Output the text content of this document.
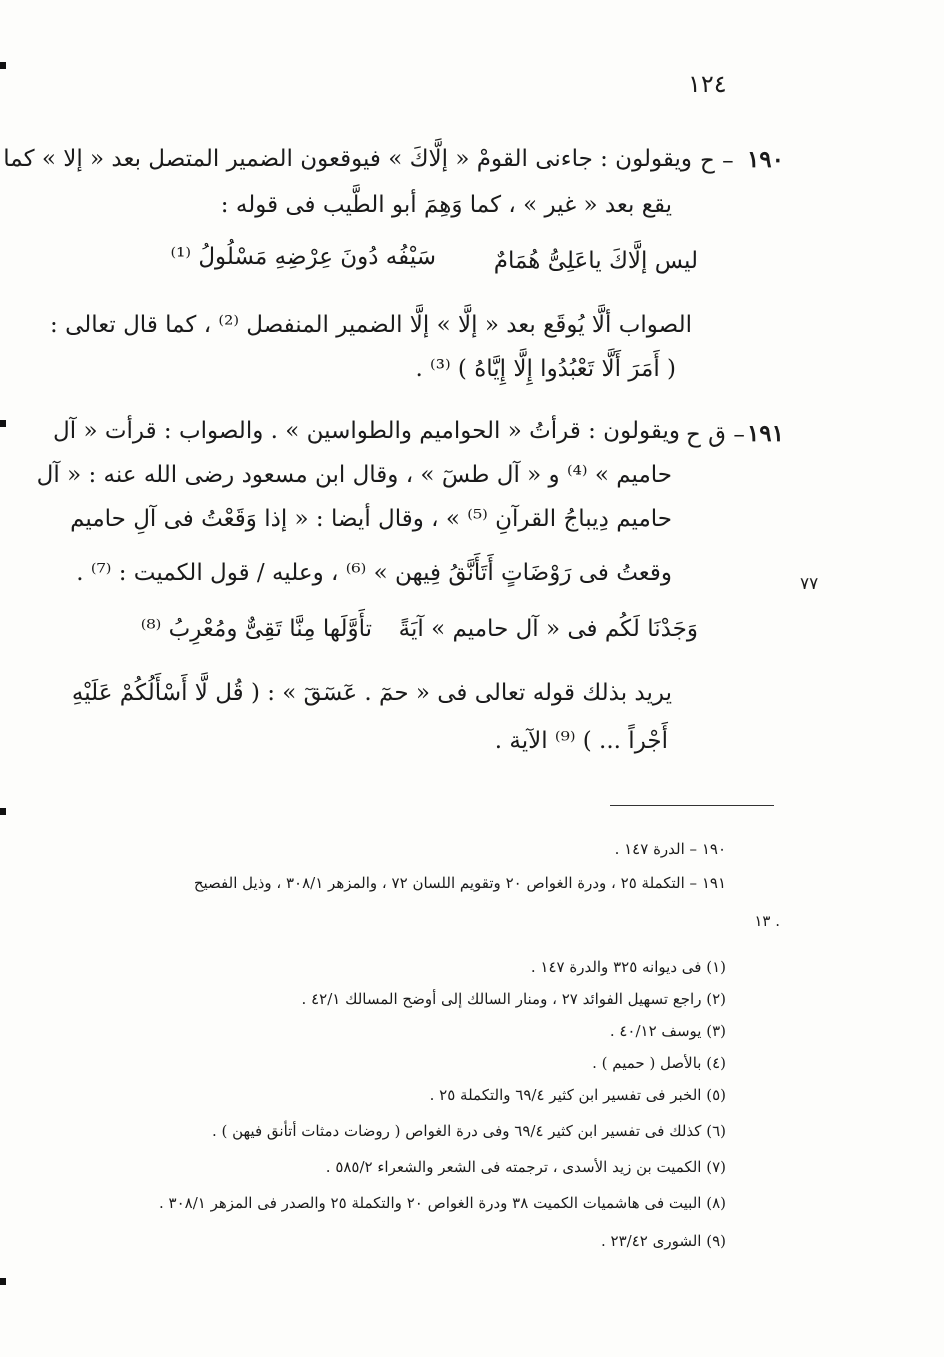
١٢٤
١٩٠
– ح
ويقولون : جاءنى القومْ « إلَّاكَ » فيوقعون الضمير المتصل بعد « إلا » كما
يقع بعد « غير » ، كما وَهِمَ أبو الطَّيب فى قوله :
ليس إلَّاكَ ياعَلِىُّ هُمَامٌ
سَيْفُه دُونَ عِرْضِهِ مَسْلُولُ ⁽¹⁾
الصواب ألَّا يُوقَع بعد « إلَّا » إلَّا الضمير المنفصل ⁽²⁾ ، كما قال تعالى :
( أَمَرَ أَلَّا تَعْبُدُوا إِلَّا إِيَّاهُ ) ⁽³⁾ .
١٩١
– ق ح
ويقولون : قرأتُ « الحواميم والطواسين » . والصواب : قرأت « آل
حاميم » ⁽⁴⁾ و « آل طسٓ » ، وقال ابن مسعود رضى الله عنه : « آل
حاميم دِيباجُ القرآنِ ⁽⁵⁾ » ، وقال أيضا : « إذا وَقَعْتُ فى آلِ حاميم
وقعتُ فى رَوْضَاتٍ أَتَأَنَّقُ فِيهن » ⁽⁶⁾ ، وعليه / قول الكميت : ⁽⁷⁾ .	٧٧
وَجَدْنَا لَكُم فى « آل حاميم » آيَةً
تأَوَّلَها مِنَّا تَقِىٌّ ومُعْرِبُ ⁽⁸⁾
يريد بذلك قوله تعالى فى « حمٓ . عٓسٓقٓ » : ( قُل لَّا أَسْأَلُكُمْ عَلَيْهِ
أَجْراً ... ) ⁽⁹⁾ الآية .
١٩٠ – الدرة ١٤٧ .
١٩١ – التكملة ٢٥ ، ودرة الغواص ٢٠ وتقويم اللسان ٧٢ ، والمزهر ٣٠٨/١ ، وذيل الفصيح
١٣ .
(١) فى ديوانه ٣٢٥ والدرة ١٤٧ .
(٢) راجع تسهيل الفوائد ٢٧ ، ومنار السالك إلى أوضح المسالك ٤٢/١ .
(٣) يوسف ٤٠/١٢ .
(٤) بالأصل ( حميم ) .
(٥) الخبر فى تفسير ابن كثير ٦٩/٤ والتكملة ٢٥ .
(٦) كذلك فى تفسير ابن كثير ٦٩/٤ وفى درة الغواص ( روضات دمثات أتأنق فيهن ) .
(٧) الكميت بن زيد الأسدى ، ترجمته فى الشعر والشعراء ٥٨٥/٢ .
(٨) البيت فى هاشميات الكميت ٣٨ ودرة الغواص ٢٠ والتكملة ٢٥ والصدر فى المزهر ٣٠٨/١ .
(٩) الشورى ٢٣/٤٢ .
